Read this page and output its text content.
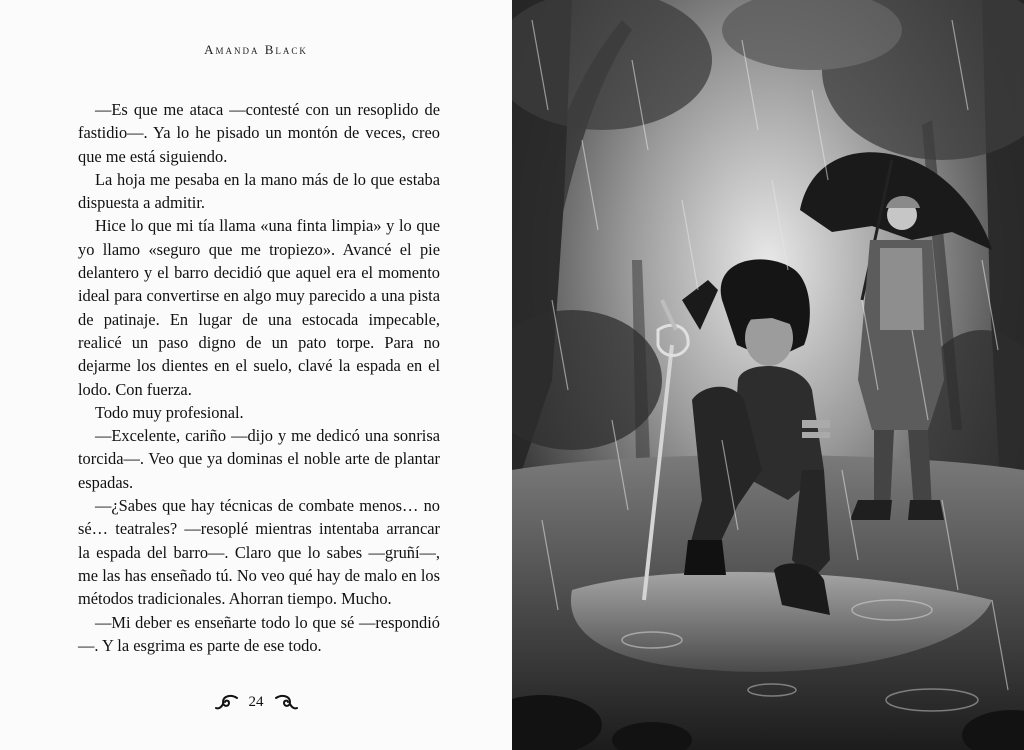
Amanda Black

—Es que me ataca —contesté con un resoplido de fastidio—. Ya lo he pisado un montón de veces, creo que me está siguiendo.

La hoja me pesaba en la mano más de lo que estaba dispuesta a admitir.

Hice lo que mi tía llama «una finta limpia» y lo que yo llamo «seguro que me tropiezo». Avancé el pie delantero y el barro decidió que aquel era el momento ideal para convertirse en algo muy parecido a una pista de patinaje. En lugar de una estocada impecable, realicé un paso digno de un pato torpe. Para no dejarme los dientes en el suelo, clavé la espada en el lodo. Con fuerza.

Todo muy profesional.

—Excelente, cariño —dijo y me dedicó una sonrisa torcida—. Veo que ya dominas el noble arte de plantar espadas.

—¿Sabes que hay técnicas de combate menos… no sé… teatrales? —resoplé mientras intentaba arrancar la espada del barro—. Claro que lo sabes —gruñí—, me las has enseñado tú. No veo qué hay de malo en los métodos tradicionales. Ahorran tiempo. Mucho.

—Mi deber es enseñarte todo lo que sé —respondió—. Y la esgrima es parte de ese todo.

24
